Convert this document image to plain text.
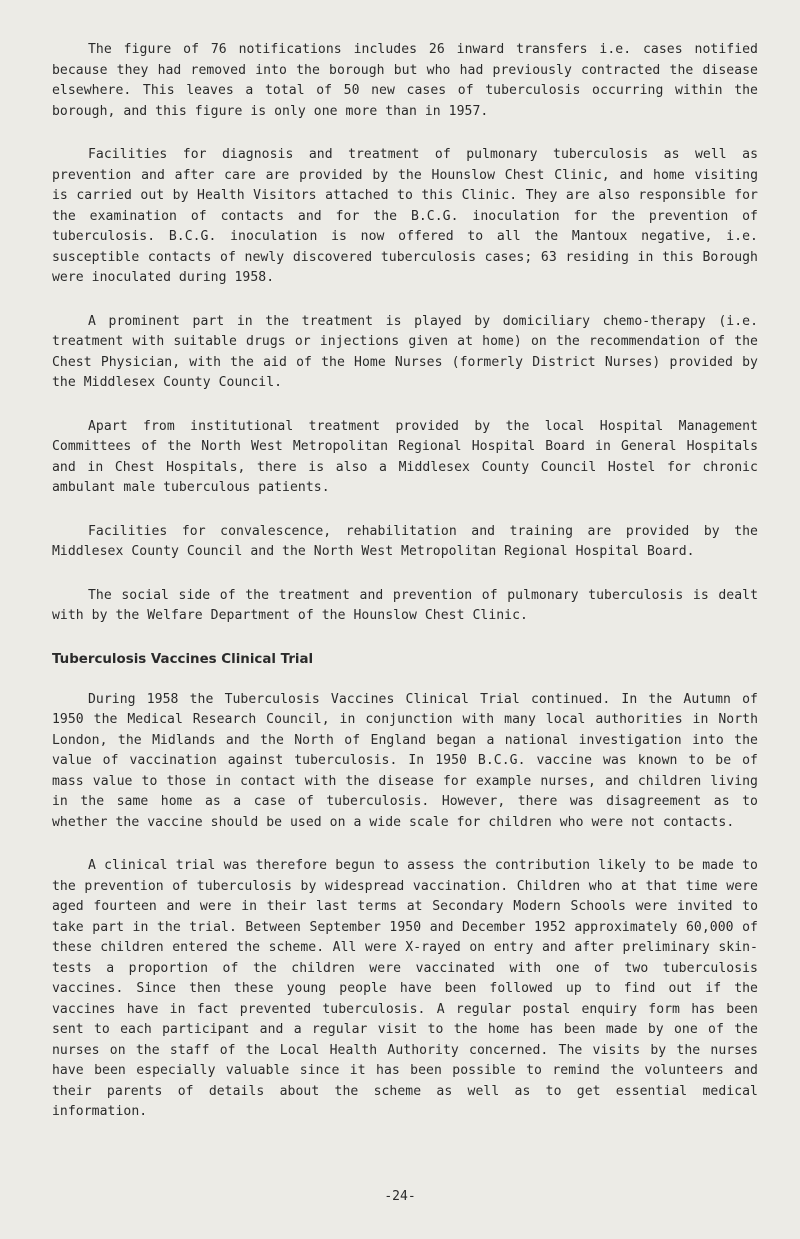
The figure of 76 notifications includes 26 inward transfers i.e. cases notified because they had removed into the borough but who had previously contracted the disease elsewhere. This leaves a total of 50 new cases of tuberculosis occurring within the borough, and this figure is only one more than in 1957.

Facilities for diagnosis and treatment of pulmonary tuberculosis as well as prevention and after care are provided by the Hounslow Chest Clinic, and home visiting is carried out by Health Visitors attached to this Clinic. They are also responsible for the examination of contacts and for the B.C.G. inoculation for the prevention of tuberculosis. B.C.G. inoculation is now offered to all the Mantoux negative, i.e. susceptible contacts of newly discovered tuberculosis cases; 63 residing in this Borough were inoculated during 1958.

A prominent part in the treatment is played by domiciliary chemo-therapy (i.e. treatment with suitable drugs or injections given at home) on the recommendation of the Chest Physician, with the aid of the Home Nurses (formerly District Nurses) provided by the Middlesex County Council.

Apart from institutional treatment provided by the local Hospital Management Committees of the North West Metropolitan Regional Hospital Board in General Hospitals and in Chest Hospitals, there is also a Middlesex County Council Hostel for chronic ambulant male tuberculous patients.

Facilities for convalescence, rehabilitation and training are provided by the Middlesex County Council and the North West Metropolitan Regional Hospital Board.

The social side of the treatment and prevention of pulmonary tuberculosis is dealt with by the Welfare Department of the Hounslow Chest Clinic.

Tuberculosis Vaccines Clinical Trial

During 1958 the Tuberculosis Vaccines Clinical Trial continued. In the Autumn of 1950 the Medical Research Council, in conjunction with many local authorities in North London, the Midlands and the North of England began a national investigation into the value of vaccination against tuberculosis. In 1950 B.C.G. vaccine was known to be of mass value to those in contact with the disease for example nurses, and children living in the same home as a case of tuberculosis. However, there was disagreement as to whether the vaccine should be used on a wide scale for children who were not contacts.

A clinical trial was therefore begun to assess the contribution likely to be made to the prevention of tuberculosis by widespread vaccination. Children who at that time were aged fourteen and were in their last terms at Secondary Modern Schools were invited to take part in the trial. Between September 1950 and December 1952 approximately 60,000 of these children entered the scheme. All were X-rayed on entry and after preliminary skin-tests a proportion of the children were vaccinated with one of two tuberculosis vaccines. Since then these young people have been followed up to find out if the vaccines have in fact prevented tuberculosis. A regular postal enquiry form has been sent to each participant and a regular visit to the home has been made by one of the nurses on the staff of the Local Health Authority concerned. The visits by the nurses have been especially valuable since it has been possible to remind the volunteers and their parents of details about the scheme as well as to get essential medical information.

-24-
